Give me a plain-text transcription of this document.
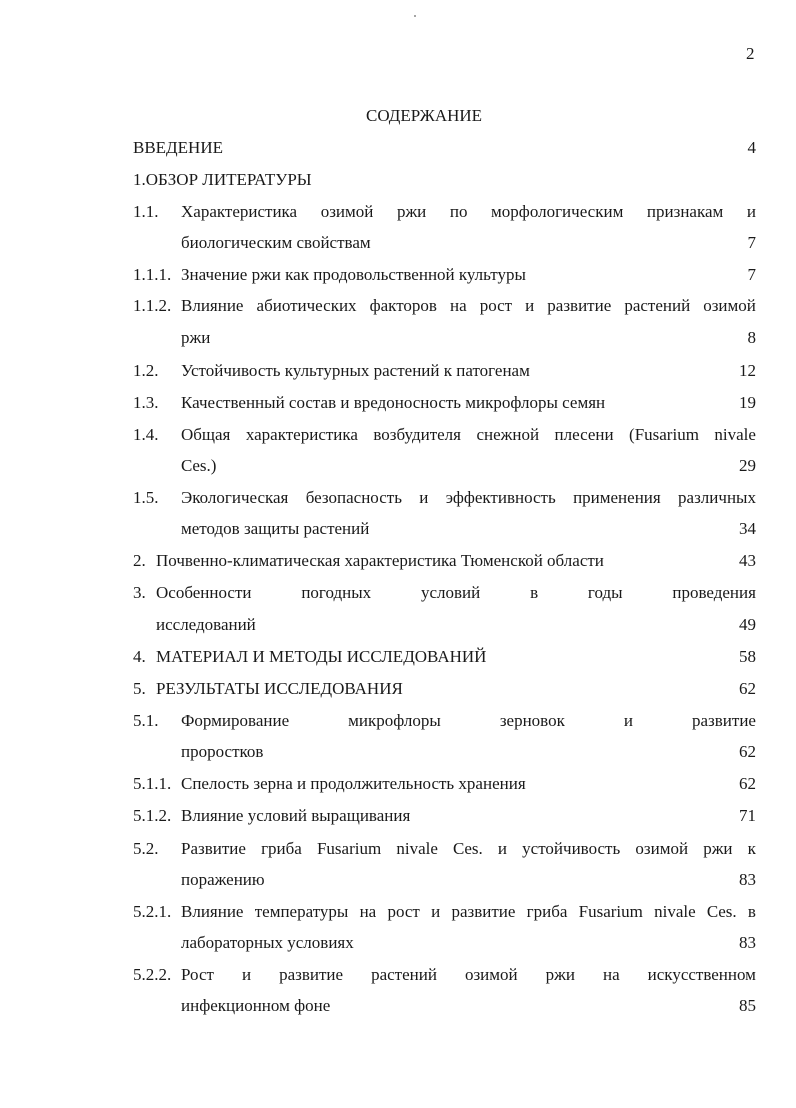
2
СОДЕРЖАНИЕ
ВВЕДЕНИЕ	4
1.ОБЗОР ЛИТЕРАТУРЫ
1.1. Характеристика озимой ржи по морфологическим признакам и
биологическим свойствам	7
1.1.1. Значение ржи как продовольственной культуры	7
1.1.2. Влияние абиотических факторов на рост и развитие растений озимой
ржи	8
1.2. Устойчивость культурных растений к патогенам	12
1.3. Качественный состав и вредоносность микрофлоры семян	19
1.4. Общая характеристика возбудителя снежной плесени (Fusarium nivale
Ces.)	29
1.5. Экологическая безопасность и эффективность применения различных
методов защиты растений	34
2. Почвенно-климатическая характеристика Тюменской области	43
3. Особенности	погодных	условий	в	годы	проведения
исследований	49
4. МАТЕРИАЛ И МЕТОДЫ ИССЛЕДОВАНИЙ	58
5. РЕЗУЛЬТАТЫ ИССЛЕДОВАНИЯ	62
5.1. Формирование	микрофлоры	зерновок	и	развитие
проростков	62
5.1.1. Спелость зерна и продолжительность хранения	62
5.1.2. Влияние условий выращивания	71
5.2. Развитие гриба Fusarium nivale Ces. и устойчивость озимой ржи к
поражению	83
5.2.1. Влияние температуры на рост и развитие гриба Fusarium nivale Ces. в
лабораторных условиях	83
5.2.2. Рост и развитие растений озимой ржи на искусственном
инфекционном фоне	85
